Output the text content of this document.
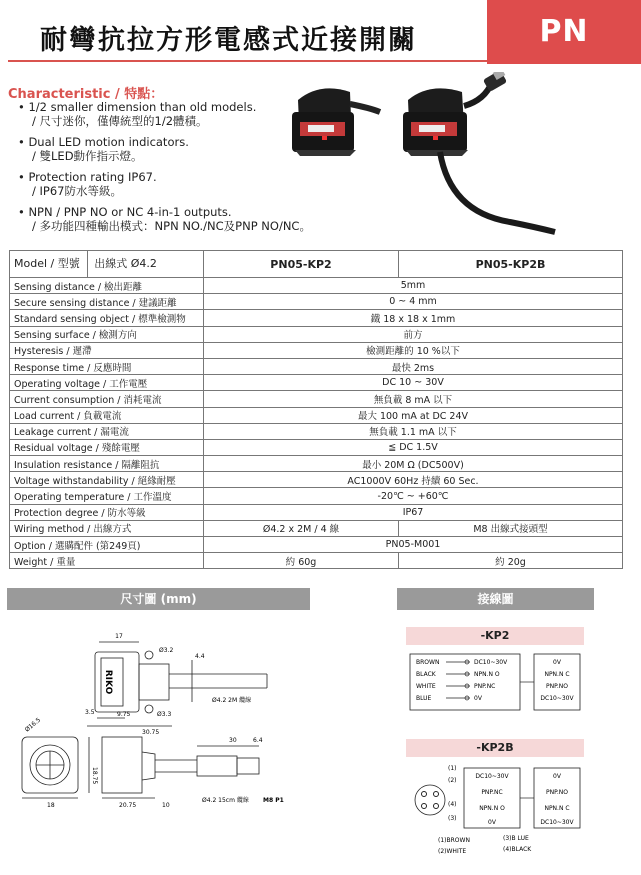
耐彎抗拉方形電感式近接開關	PN
Characteristic / 特點：
• 1/2 smaller dimension than old models.
/ 尺寸迷你，僅傳統型的1/2體積。
• Dual LED motion indicators.
/ 雙LED動作指示燈。
• Protection rating IP67.
/ IP67防水等級。
• NPN / PNP NO or NC 4-in-1 outputs.
/ 多功能四種輸出模式：NPN NO./NC及PNP NO/NC。
Model / 型號 出線式 Ø4.2	PN05-KP2	PN05-KP2B
Sensing distance / 檢出距離	5mm	
Secure sensing distance / 建議距離	0 ~ 4 mm	
Standard sensing object / 標準檢測物	鐵 18 x 18 x 1mm	
Sensing surface / 檢測方向	前方	
Hysteresis / 遲滯	檢測距離的 10 %以下	
Response time / 反應時間	最快 2ms	
Operating voltage / 工作電壓	DC 10 ~ 30V	
Current consumption / 消耗電流	無負載 8 mA 以下	
Load current / 負載電流	最大 100 mA at DC 24V	
Leakage current / 漏電流	無負載 1.1 mA 以下	
Residual voltage / 殘餘電壓	≦ DC 1.5V	
Insulation resistance / 隔離阻抗	最小 20M Ω (DC500V)	
Voltage withstandability / 絕緣耐壓	AC1000V 60Hz 持續 60 Sec.	
Operating temperature / 工作溫度	-20℃ ~ +60℃	
Protection degree / 防水等級	IP67	
Wiring method / 出線方式	Ø4.2 x 2M / 4 線	M8 出線式接頭型
Option / 選購配件 (第249頁)	PN05-M001	
Weight / 重量	約 60g	約 20g
尺寸圖 (mm)	接線圖
17
Ø3.2
4.4
RIKO
Ø3.3
Ø4.2 2M 纜線
9.75
3.5
30.75
Ø16.5
18.75
18
30	6.4
Ø4.2 15cm 纜線 M8 P1
20.75	10
-KP2
BROWN
BLACK
WHITE
BLUE
DC10~30V
NPN.N O
PNP.NC
0V
0V
NPN.N C
PNP.NO
DC10~30V
-KP2B
(1)
(2)
(4)
(3)
DC10~30V
PNP.NC
NPN.N O
0V
0V
PNP.NO
NPN.N C
DC10~30V
(1)BROWN
(2)WHITE
(3)B LUE
(4)BLACK
